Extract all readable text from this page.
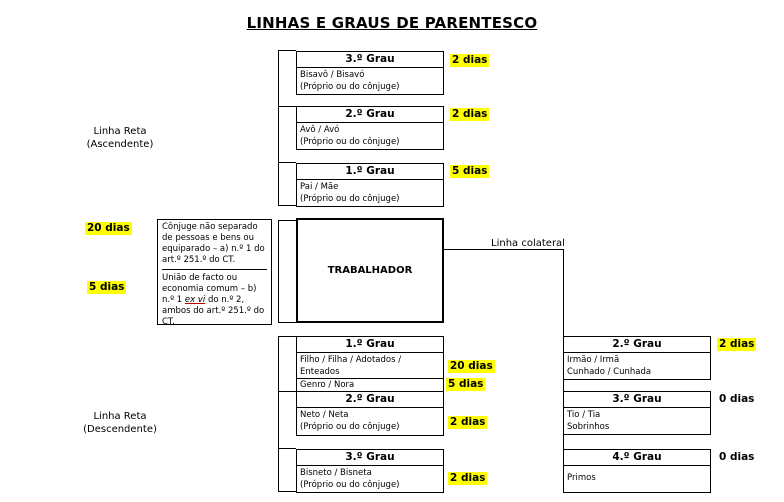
LINHAS E GRAUS DE PARENTESCO
Linha Reta
(Ascendente)
3.º Grau
Bisavô / Bisavó
(Próprio ou do cônjuge)
2 dias
2.º Grau
Avô / Avó
(Próprio ou do cônjuge)
2 dias
1.º Grau
Pai / Mãe
(Próprio ou do cônjuge)
5 dias
20 dias
5 dias
Cônjuge não separado de pessoas e bens ou equiparado – a) n.º 1 do art.º 251.º do CT.
União de facto ou economia comum – b) n.º 1 ex vi do n.º 2, ambos do art.º 251.º do CT.
TRABALHADOR
Linha colateral
Linha Reta
(Descendente)
1.º Grau
Filho / Filha / Adotados /
Enteados
Genro / Nora
20 dias
5 dias
2.º Grau
Neto / Neta
(Próprio ou do cônjuge)	2 dias
3.º Grau
Bisneto / Bisneta
(Próprio ou do cônjuge)
2 dias
2.º Grau
Irmão / Irmã
Cunhado / Cunhada
2 dias
3.º Grau
Tio / Tia
Sobrinhos
0 dias
4.º Grau
Primos
0 dias
